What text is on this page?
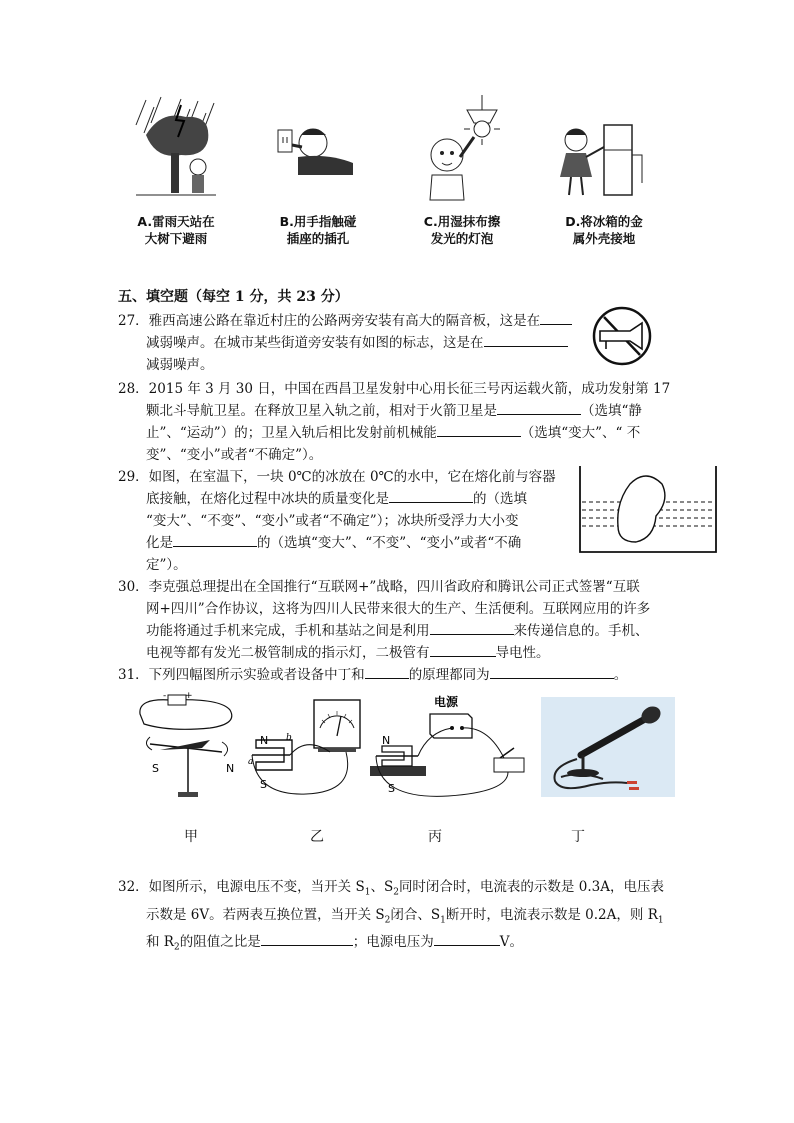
A.雷雨天站在
大树下避雨
B.用手指触碰
插座的插孔
C.用湿抹布擦
发光的灯泡
D.将冰箱的金
属外壳接地
五、填空题（每空 1 分，共 23 分）
27．雅西高速公路在靠近村庄的公路两旁安装有高大的隔音板，这是在
减弱噪声。在城市某些街道旁安装有如图的标志，这是在
减弱噪声。
28．2015 年 3 月 30 日，中国在西昌卫星发射中心用长征三号丙运载火箭，成功发射第 17
颗北斗导航卫星。在释放卫星入轨之前，相对于火箭卫星是	（选填“静
止”、“运动”）的；卫星入轨后相比发射前机械能	（选填“变大”、“ 不
变”、“变小”或者“不确定”）。
29．如图，在室温下，一块 0℃的冰放在 0℃的水中，它在熔化前与容器
底接触，在熔化过程中冰块的质量变化是	的（选填
“变大”、“不变”、“变小”或者“不确定”）；冰块所受浮力大小变
化是	的（选填“变大”、“不变”、“变小”或者“不确
定”）。
30．李克强总理提出在全国推行“互联网+”战略，四川省政府和腾讯公司正式签署“互联
网+四川”合作协议，这将为四川人民带来很大的生产、生活便利。互联网应用的许多
功能将通过手机来完成，手机和基站之间是利用	来传递信息的。手机、
电视等都有发光二极管制成的指示灯，二极管有	导电性。
31．下列四幅图所示实验或者设备中丁和	的原理都同为	。
- +
S	N
N
S
a
b
电源
N
S
甲	乙	丙	丁
32．如图所示，电源电压不变，当开关 $S_1$、$S_2$同时闭合时，电流表的示数是 0.3A，电压表
示数是 6V。若两表互换位置，当开关 $S_2$闭合、$S_1$断开时，电流表示数是 0.2A，则 $R_1$
和 $R_2$的阻值之比是	；电源电压为	V。
